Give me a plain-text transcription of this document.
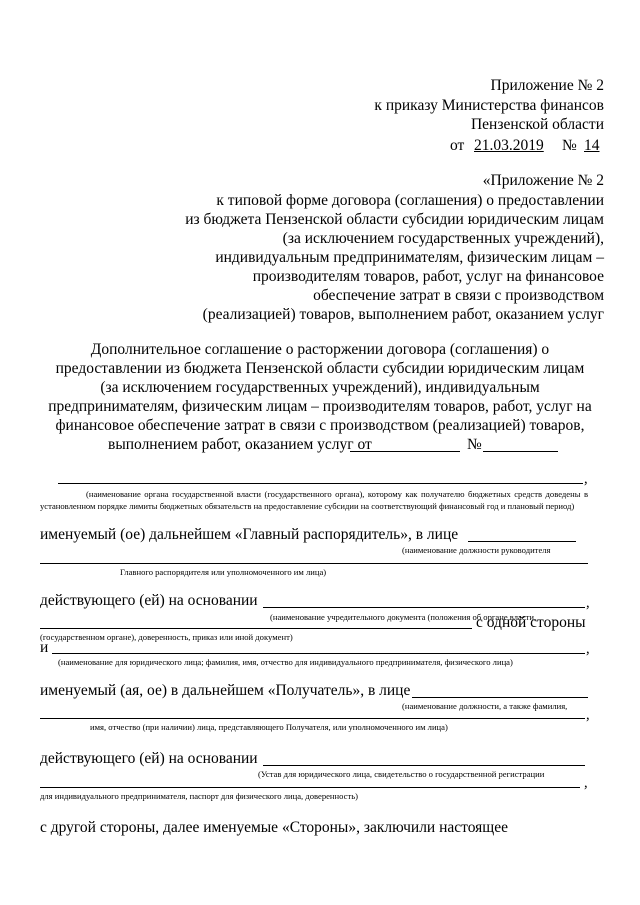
Приложение № 2
к приказу Министерства финансов
Пензенской области
от 21.03.2019 № 14
«Приложение № 2
к типовой форме договора (соглашения) о предоставлении
из бюджета Пензенской области субсидии юридическим лицам
(за исключением государственных учреждений),
индивидуальным предпринимателям, физическим лицам –
производителям товаров, работ, услуг на финансовое
обеспечение затрат в связи с производством
(реализацией) товаров, выполнением работ, оказанием услуг
Дополнительное соглашение о расторжении договора (соглашения) о
предоставлении из бюджета Пензенской области субсидии юридическим лицам
(за исключением государственных учреждений), индивидуальным
предпринимателям, физическим лицам – производителям товаров, работ, услуг на
финансовое обеспечение затрат в связи с производством (реализацией) товаров,
выполнением работ, оказанием услуг от	№
,
(наименование органа государственной власти (государственного органа), которому как получателю бюджетных средств доведены в установленном порядке лимиты бюджетных обязательств на предоставление субсидии на соответствующий финансовый год и плановый период)
именуемый (ое) дальнейшем «Главный распорядитель», в лице
(наименование должности руководителя
Главного распорядителя или уполномоченного им лица)
действующего (ей) на основании	,
(наименование учредительного документа (положения об органе власти,
с одной стороны
(государственном органе), доверенность, приказ или иной документ)
и	,
(наименование для юридического лица; фамилия, имя, отчество для индивидуального предпринимателя, физического лица)
именуемый (ая, ое) в дальнейшем «Получатель», в лице
(наименование должности, а также фамилия,
,
имя, отчество (при наличии) лица, представляющего Получателя, или уполномоченного им лица)
действующего (ей) на основании
(Устав для юридического лица, свидетельство о государственной регистрации
,
для индивидуального предпринимателя, паспорт для физического лица, доверенность)
с другой стороны, далее именуемые «Стороны», заключили настоящее
